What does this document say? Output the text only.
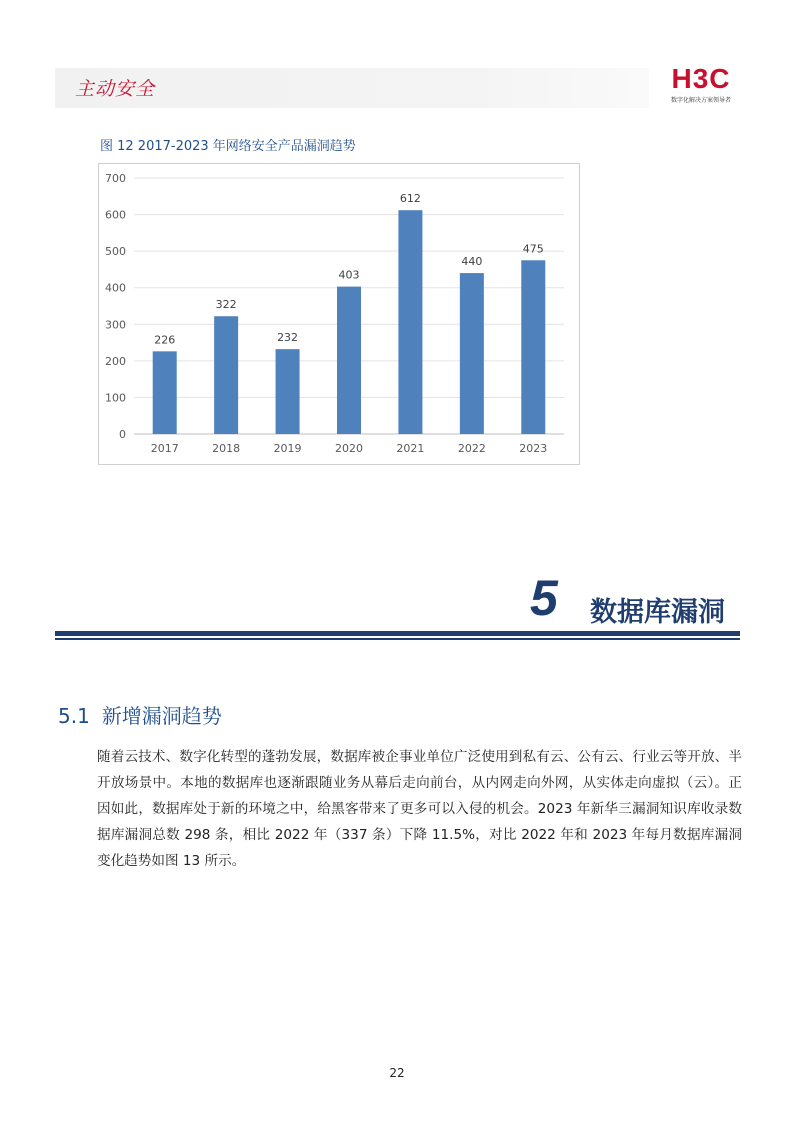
主动安全	H3C
数字化解决方案领导者
图 12 2017-2023 年网络安全产品漏洞趋势
0
100
200
300
400
500
600
700
226
2017
322
2018
232
2019
403
2020
612
2021
440
2022
475
2023
5 数据库漏洞
5.1 新增漏洞趋势
随着云技术、数字化转型的蓬勃发展，数据库被企事业单位广泛使用到私有云、公有云、行业云等开放、半开放场景中。本地的数据库也逐渐跟随业务从幕后走向前台，从内网走向外网，从实体走向虚拟（云）。正因如此，数据库处于新的环境之中，给黑客带来了更多可以入侵的机会。2023 年新华三漏洞知识库收录数据库漏洞总数 298 条，相比 2022 年（337 条）下降 11.5%，对比 2022 年和 2023 年每月数据库漏洞变化趋势如图 13 所示。
22
